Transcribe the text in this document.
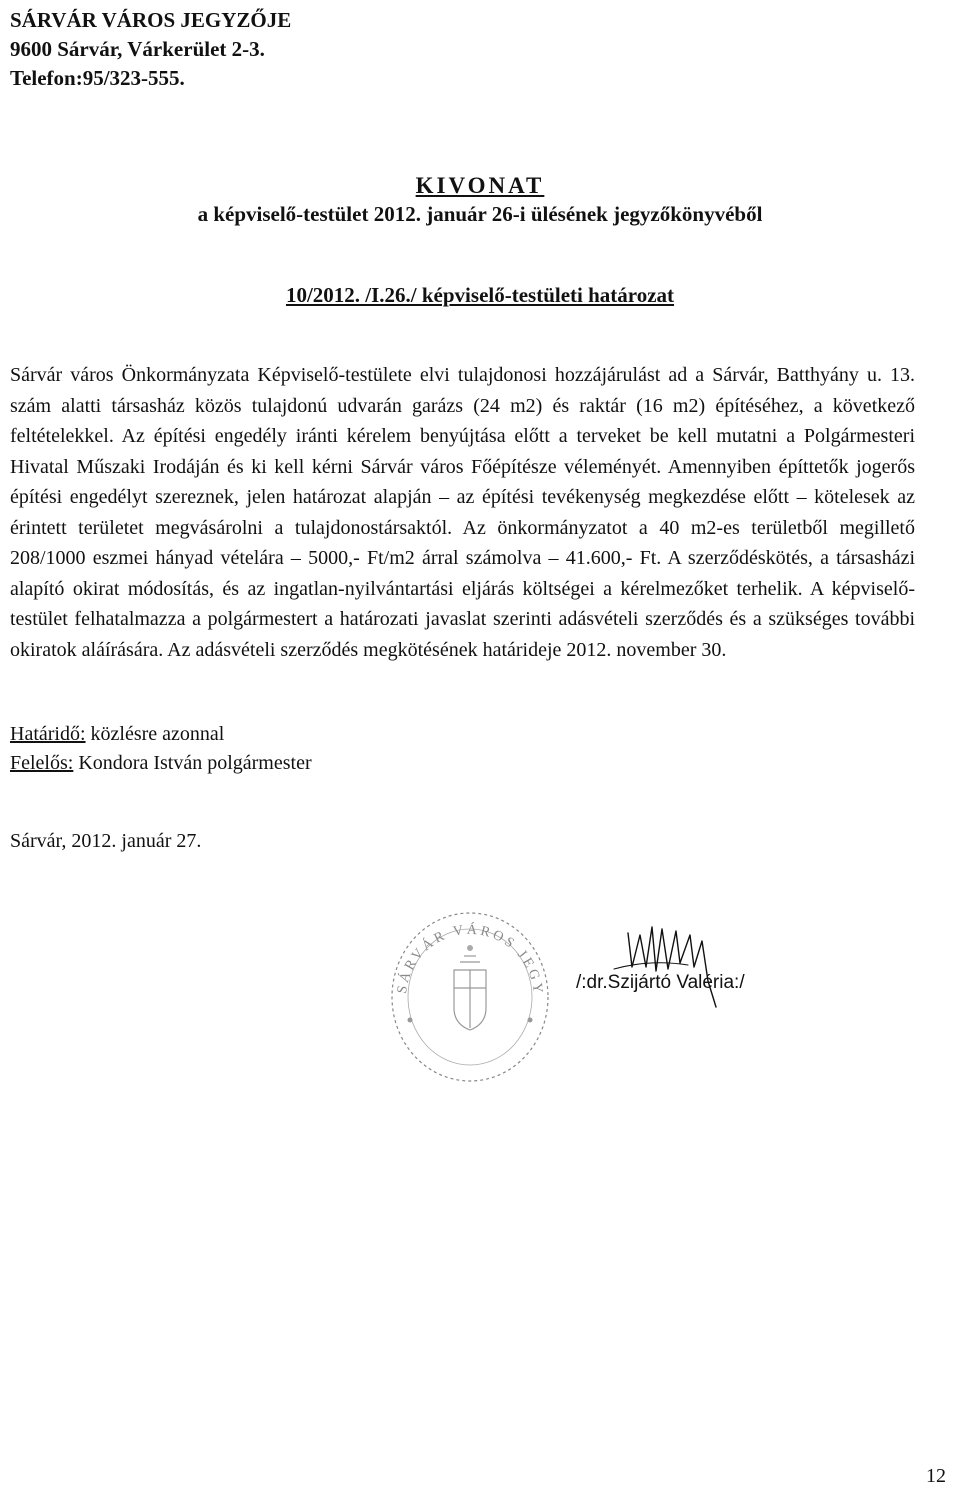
SÁRVÁR VÁROS JEGYZŐJE
9600 Sárvár, Várkerület 2-3.
Telefon:95/323-555.
KIVONAT
a képviselő-testület 2012. január 26-i ülésének jegyzőkönyvéből
10/2012. /I.26./ képviselő-testületi határozat
Sárvár város Önkormányzata Képviselő-testülete elvi tulajdonosi hozzájárulást ad a Sárvár, Batthyány u. 13. szám alatti társasház közös tulajdonú udvarán garázs (24 m2) és raktár (16 m2) építéséhez, a következő feltételekkel. Az építési engedély iránti kérelem benyújtása előtt a terveket be kell mutatni a Polgármesteri Hivatal Műszaki Irodáján és ki kell kérni Sárvár város Főépítésze véleményét. Amennyiben építtetők jogerős építési engedélyt szereznek, jelen határozat alapján – az építési tevékenység megkezdése előtt – kötelesek az érintett területet megvásárolni a tulajdonostársaktól. Az önkormányzatot a 40 m2-es területből megillető 208/1000 eszmei hányad vételára – 5000,- Ft/m2 árral számolva – 41.600,- Ft. A szerződéskötés, a társasházi alapító okirat módosítás, és az ingatlan-nyilvántartási eljárás költségei a kérelmezőket terhelik. A képviselő-testület felhatalmazza a polgármestert a határozati javaslat szerinti adásvételi szerződés és a szükséges további okiratok aláírására. Az adásvételi szerződés megkötésének határideje 2012. november 30.
Határidő: közlésre azonnal
Felelős: Kondora István polgármester
Sárvár, 2012. január 27.
SÁRVÁR VÁROS JEGY /:dr.Szijártó Valéria:/
12
